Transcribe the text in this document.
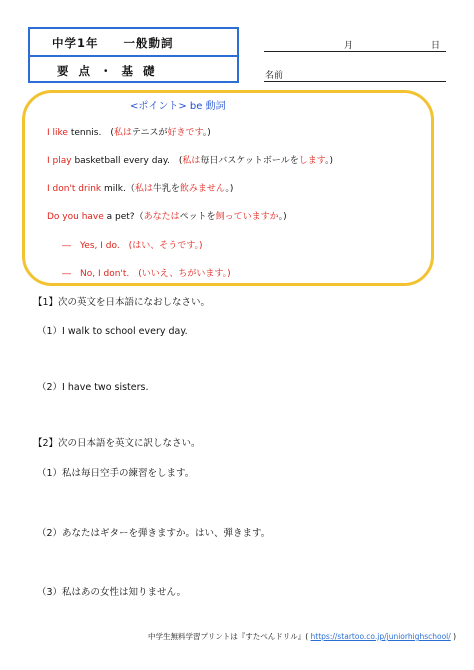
中学1年　　一般動詞
要 点 ・ 基 礎
月	日
名前
<ポイント> be 動詞
I like tennis.　(私はテニスが好きです。)
I play basketball every day.　(私は毎日バスケットボールをします。)
I don't drink milk.（私は牛乳を飲みません。)
Do you have a pet?（あなたはペットを飼っていますか。)
―　Yes, I do.　(はい、そうです。)
―　No, I don't.　(いいえ、ちがいます。)
【1】次の英文を日本語になおしなさい。
（1）I walk to school every day.
（2）I have two sisters.
【2】次の日本語を英文に訳しなさい。
（1）私は毎日空手の練習をします。
（2）あなたはギターを弾きますか。はい、弾きます。
（3）私はあの女性は知りません。
中学生無料学習プリントは『すたぺんドリル』( https://startoo.co.jp/juniorhighschool/ )
